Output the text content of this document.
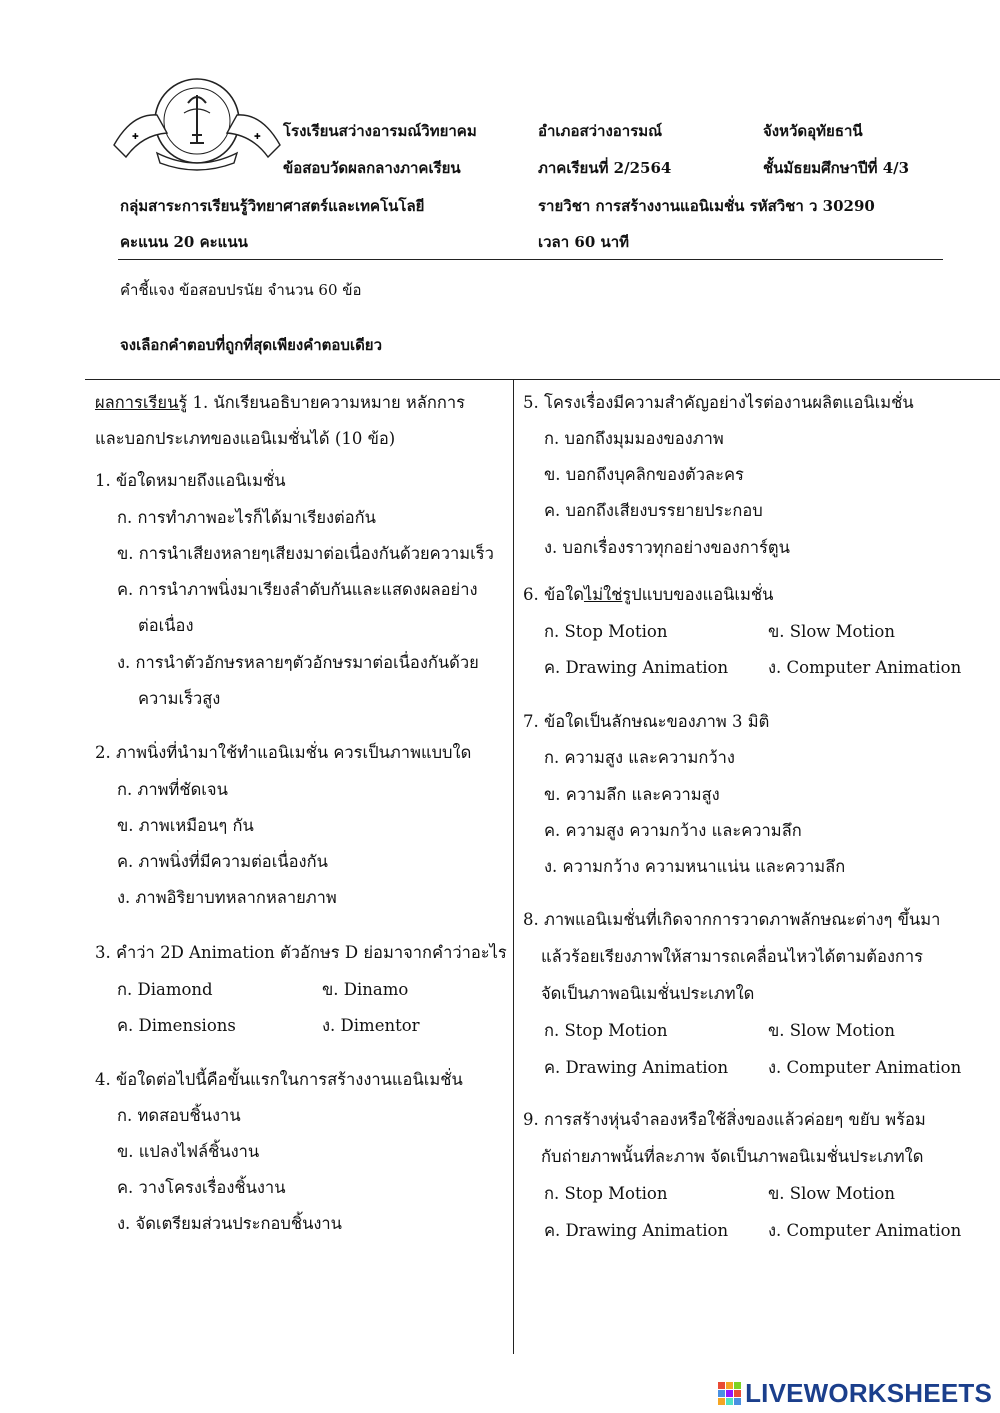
✚	✚ โรงเรียนสว่างอารมณ์วิทยาคม	อำเภอสว่างอารมณ์	จังหวัดอุทัยธานี
ข้อสอบวัดผลกลางภาคเรียน	ภาคเรียนที่ 2/2564	ชั้นมัธยมศึกษาปีที่ 4/3
กลุ่มสาระการเรียนรู้วิทยาศาสตร์และเทคโนโลยี	รายวิชา การสร้างงานแอนิเมชั่น รหัสวิชา ว 30290
คะแนน 20 คะแนน	เวลา 60 นาที
คำชี้แจง ข้อสอบปรนัย จำนวน 60 ข้อ
จงเลือกคำตอบที่ถูกที่สุดเพียงคำตอบเดียว
ผลการเรียนรู้ 1. นักเรียนอธิบายความหมาย หลักการ
และบอกประเภทของแอนิเมชั่นได้ (10 ข้อ)
1. ข้อใดหมายถึงแอนิเมชั่น
ก. การทำภาพอะไรก็ได้มาเรียงต่อกัน
ข. การนำเสียงหลายๆเสียงมาต่อเนื่องกันด้วยความเร็ว
ค. การนำภาพนิ่งมาเรียงลำดับกันและแสดงผลอย่าง
ต่อเนื่อง
ง. การนำตัวอักษรหลายๆตัวอักษรมาต่อเนื่องกันด้วย
ความเร็วสูง
2. ภาพนิ่งที่นำมาใช้ทำแอนิเมชั่น ควรเป็นภาพแบบใด
ก. ภาพที่ชัดเจน
ข. ภาพเหมือนๆ กัน
ค. ภาพนิ่งที่มีความต่อเนื่องกัน
ง. ภาพอิริยาบทหลากหลายภาพ
3. คำว่า 2D Animation ตัวอักษร D ย่อมาจากคำว่าอะไร
ก. Diamond	ข. Dinamo
ค. Dimensions	ง. Dimentor
4. ข้อใดต่อไปนี้คือขั้นแรกในการสร้างงานแอนิเมชั่น
ก. ทดสอบชิ้นงาน
ข. แปลงไฟล์ชิ้นงาน
ค. วางโครงเรื่องชิ้นงาน
ง. จัดเตรียมส่วนประกอบชิ้นงาน
5. โครงเรื่องมีความสำคัญอย่างไรต่องานผลิตแอนิเมชั่น
ก. บอกถึงมุมมองของภาพ
ข. บอกถึงบุคลิกของตัวละคร
ค. บอกถึงเสียงบรรยายประกอบ
ง. บอกเรื่องราวทุกอย่างของการ์ตูน
6. ข้อใดไม่ใช่รูปแบบของแอนิเมชั่น
ก. Stop Motion	ข. Slow Motion
ค. Drawing Animation ง. Computer Animation
7. ข้อใดเป็นลักษณะของภาพ 3 มิติ
ก. ความสูง และความกว้าง
ข. ความลึก และความสูง
ค. ความสูง ความกว้าง และความลึก
ง. ความกว้าง ความหนาแน่น และความลึก
8. ภาพแอนิเมชั่นที่เกิดจากการวาดภาพลักษณะต่างๆ ขึ้นมา
แล้วร้อยเรียงภาพให้สามารถเคลื่อนไหวได้ตามต้องการ
จัดเป็นภาพอนิเมชั่นประเภทใด
ก. Stop Motion	ข. Slow Motion
ค. Drawing Animation ง. Computer Animation
9. การสร้างหุ่นจำลองหรือใช้สิ่งของแล้วค่อยๆ ขยับ พร้อม
กับถ่ายภาพนั้นที่ละภาพ จัดเป็นภาพอนิเมชั่นประเภทใด
ก. Stop Motion	ข. Slow Motion
ค. Drawing Animation ง. Computer Animation
LIVEWORKSHEETS
